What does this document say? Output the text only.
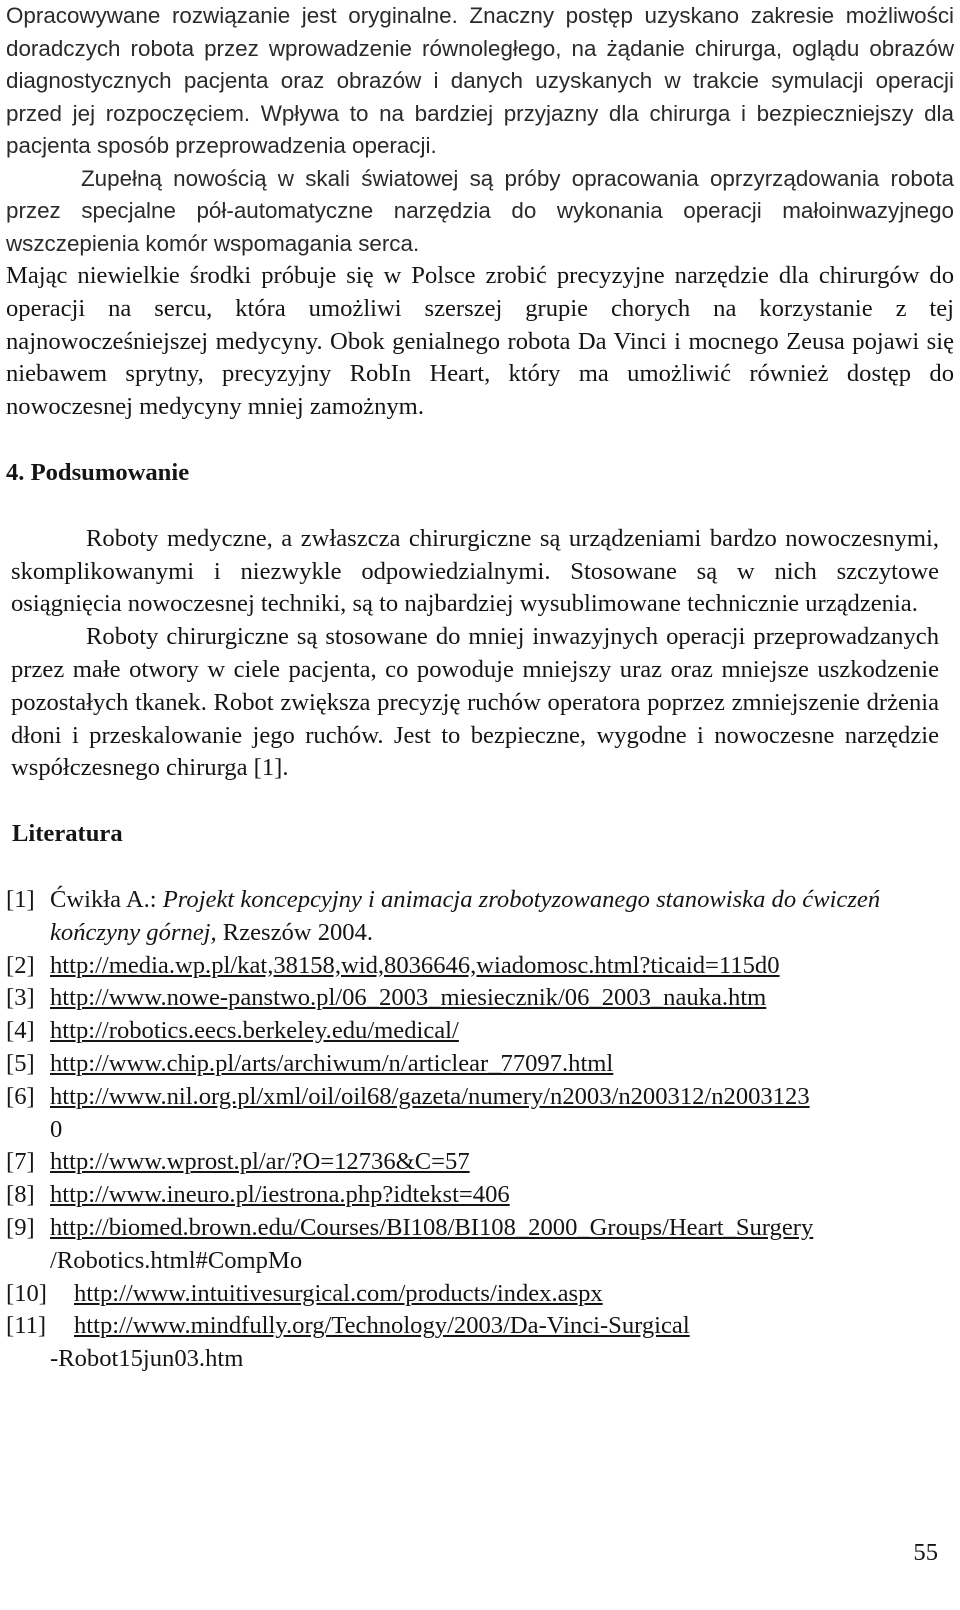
Opracowywane rozwiązanie jest oryginalne. Znaczny postęp uzyskano zakresie możliwości doradczych robota przez wprowadzenie równoległego, na żądanie chirurga, oglądu obrazów diagnostycznych pacjenta oraz obrazów i danych uzyskanych w trakcie symulacji operacji przed jej rozpoczęciem. Wpływa to na bardziej przyjazny dla chirurga i bezpieczniejszy dla pacjenta sposób przeprowadzenia operacji.

Zupełną nowością w skali światowej są próby opracowania oprzyrządowania robota przez specjalne pół-automatyczne narzędzia do wykonania operacji małoinwazyjnego wszczepienia komór wspomagania serca.

Mając niewielkie środki próbuje się w Polsce zrobić precyzyjne narzędzie dla chirurgów do operacji na sercu, która umożliwi szerszej grupie chorych na korzystanie z tej najnowocześniejszej medycyny. Obok genialnego robota Da Vinci i mocnego Zeusa pojawi się niebawem sprytny, precyzyjny RobIn Heart, który ma umożliwić również dostęp do nowoczesnej medycyny mniej zamożnym.

4. Podsumowanie

Roboty medyczne, a zwłaszcza chirurgiczne są urządzeniami bardzo nowoczesnymi, skomplikowanymi i niezwykle odpowiedzialnymi. Stosowane są w nich szczytowe osiągnięcia nowoczesnej techniki, są to najbardziej wysublimowane technicznie urządzenia.

Roboty chirurgiczne są stosowane do mniej inwazyjnych operacji przeprowadzanych przez małe otwory w ciele pacjenta, co powoduje mniejszy uraz oraz mniejsze uszkodzenie pozostałych tkanek. Robot zwiększa precyzję ruchów operatora poprzez zmniejszenie drżenia dłoni i przeskalowanie jego ruchów. Jest to bezpieczne, wygodne i nowoczesne narzędzie współczesnego chirurga [1].

Literatura
[1] Ćwikła A.: Projekt koncepcyjny i animacja zrobotyzowanego stanowiska do ćwiczeń kończyny górnej, Rzeszów 2004.
[2] http://media.wp.pl/kat,38158,wid,8036646,wiadomosc.html?ticaid=115d0
[3] http://www.nowe-panstwo.pl/06_2003_miesiecznik/06_2003_nauka.htm
[4] http://robotics.eecs.berkeley.edu/medical/
[5] http://www.chip.pl/arts/archiwum/n/articlear_77097.html
[6] http://www.nil.org.pl/xml/oil/oil68/gazeta/numery/n2003/n200312/n2003123
0
[7] http://www.wprost.pl/ar/?O=12736&C=57
[8] http://www.ineuro.pl/iestrona.php?idtekst=406
[9] http://biomed.brown.edu/Courses/BI108/BI108_2000_Groups/Heart_Surgery
/Robotics.html#CompMo
[10]	http://www.intuitivesurgical.com/products/index.aspx
[11]	http://www.mindfully.org/Technology/2003/Da-Vinci-Surgical
-Robot15jun03.htm
55
